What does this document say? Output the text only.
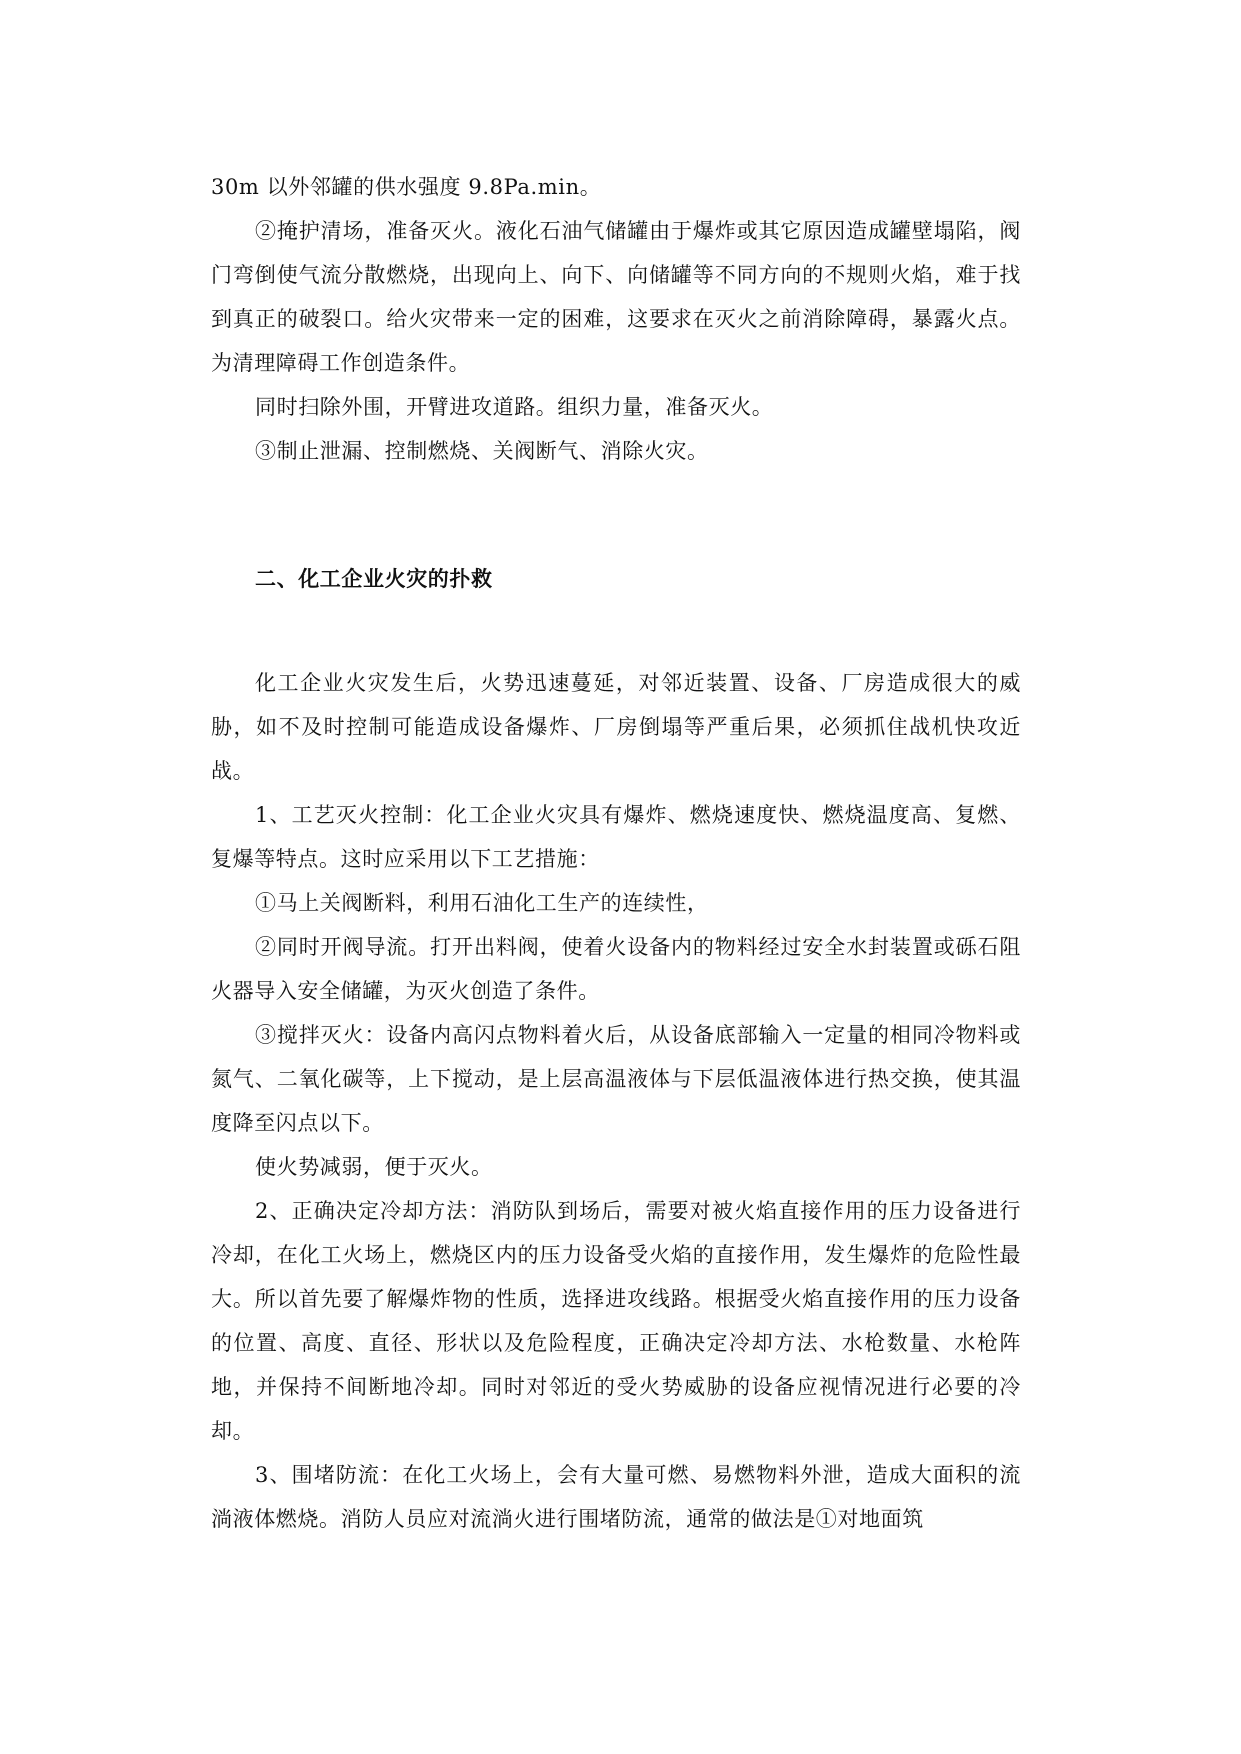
30m 以外邻罐的供水强度 9.8Pa.min。

②掩护清场，准备灭火。液化石油气储罐由于爆炸或其它原因造成罐壁塌陷，阀门弯倒使气流分散燃烧，出现向上、向下、向储罐等不同方向的不规则火焰，难于找到真正的破裂口。给火灾带来一定的困难，这要求在灭火之前消除障碍，暴露火点。为清理障碍工作创造条件。

同时扫除外围，开臂进攻道路。组织力量，准备灭火。

③制止泄漏、控制燃烧、关阀断气、消除火灾。

二、化工企业火灾的扑救

化工企业火灾发生后，火势迅速蔓延，对邻近装置、设备、厂房造成很大的威胁，如不及时控制可能造成设备爆炸、厂房倒塌等严重后果，必须抓住战机快攻近战。

1、工艺灭火控制：化工企业火灾具有爆炸、燃烧速度快、燃烧温度高、复燃、复爆等特点。这时应采用以下工艺措施：

①马上关阀断料，利用石油化工生产的连续性，

②同时开阀导流。打开出料阀，使着火设备内的物料经过安全水封装置或砾石阻火器导入安全储罐，为灭火创造了条件。

③搅拌灭火：设备内高闪点物料着火后，从设备底部输入一定量的相同冷物料或氮气、二氧化碳等，上下搅动，是上层高温液体与下层低温液体进行热交换，使其温度降至闪点以下。

使火势减弱，便于灭火。

2、正确决定冷却方法：消防队到场后，需要对被火焰直接作用的压力设备进行冷却，在化工火场上，燃烧区内的压力设备受火焰的直接作用，发生爆炸的危险性最大。所以首先要了解爆炸物的性质，选择进攻线路。根据受火焰直接作用的压力设备的位置、高度、直径、形状以及危险程度，正确决定冷却方法、水枪数量、水枪阵地，并保持不间断地冷却。同时对邻近的受火势威胁的设备应视情况进行必要的冷却。

3、围堵防流：在化工火场上，会有大量可燃、易燃物料外泄，造成大面积的流淌液体燃烧。消防人员应对流淌火进行围堵防流，通常的做法是①对地面筑
